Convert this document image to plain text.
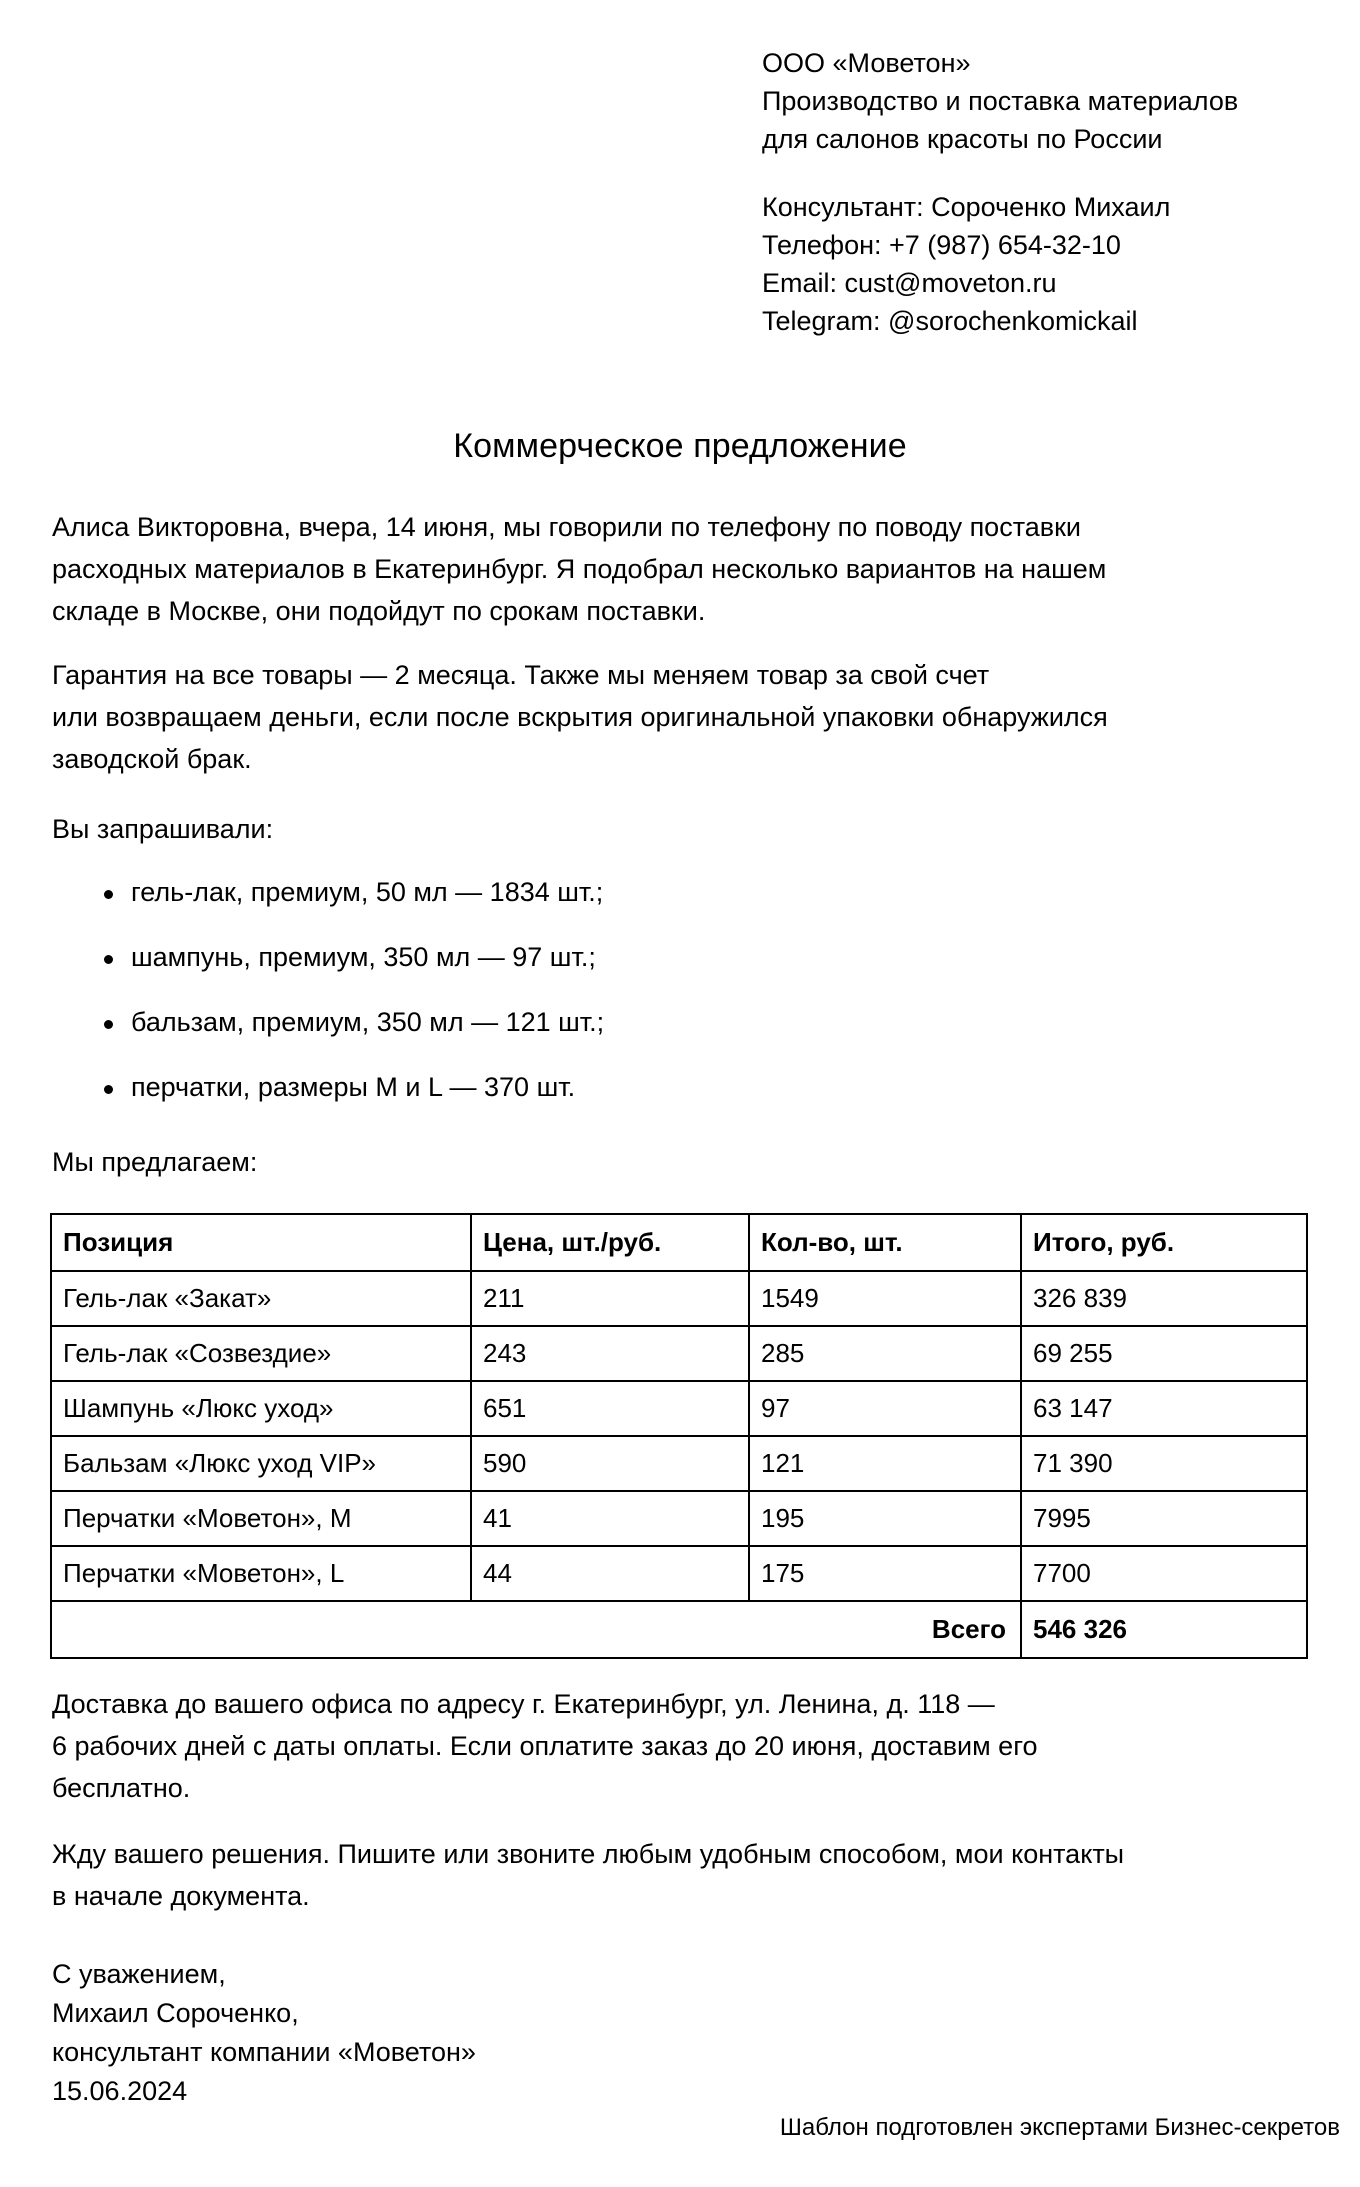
ООО «Моветон»
Производство и поставка материалов
для салонов красоты по России
Консультант: Сороченко Михаил
Телефон: +7 (987) 654-32-10
Email: cust@moveton.ru
Telegram: @sorochenkomickail
Коммерческое предложение
Алиса Викторовна, вчера, 14 июня, мы говорили по телефону по поводу поставки
расходных материалов в Екатеринбург. Я подобрал несколько вариантов на нашем
складе в Москве, они подойдут по срокам поставки.
Гарантия на все товары — 2 месяца. Также мы меняем товар за свой счет
или возвращаем деньги, если после вскрытия оригинальной упаковки обнаружился
заводской брак.
Вы запрашивали:
гель-лак, премиум, 50 мл — 1834 шт.;
шампунь, премиум, 350 мл — 97 шт.;
бальзам, премиум, 350 мл — 121 шт.;
перчатки, размеры M и L — 370 шт.
Мы предлагаем:
Позиция	Цена, шт./руб.	Кол-во, шт.	Итого, руб.
Гель-лак «Закат»	211	1549	326 839
Гель-лак «Созвездие»	243	285	69 255
Шампунь «Люкс уход»	651	97	63 147
Бальзам «Люкс уход VIP»	590	121	71 390
Перчатки «Моветон», M	41	195	7995
Перчатки «Моветон», L	44	175	7700
Всего			546 326
Доставка до вашего офиса по адресу г. Екатеринбург, ул. Ленина, д. 118 —
6 рабочих дней с даты оплаты. Если оплатите заказ до 20 июня, доставим его
бесплатно.
Жду вашего решения. Пишите или звоните любым удобным способом, мои контакты
в начале документа.
С уважением,
Михаил Сороченко,
консультант компании «Моветон»
15.06.2024
Шаблон подготовлен экспертами Бизнес-секретов
